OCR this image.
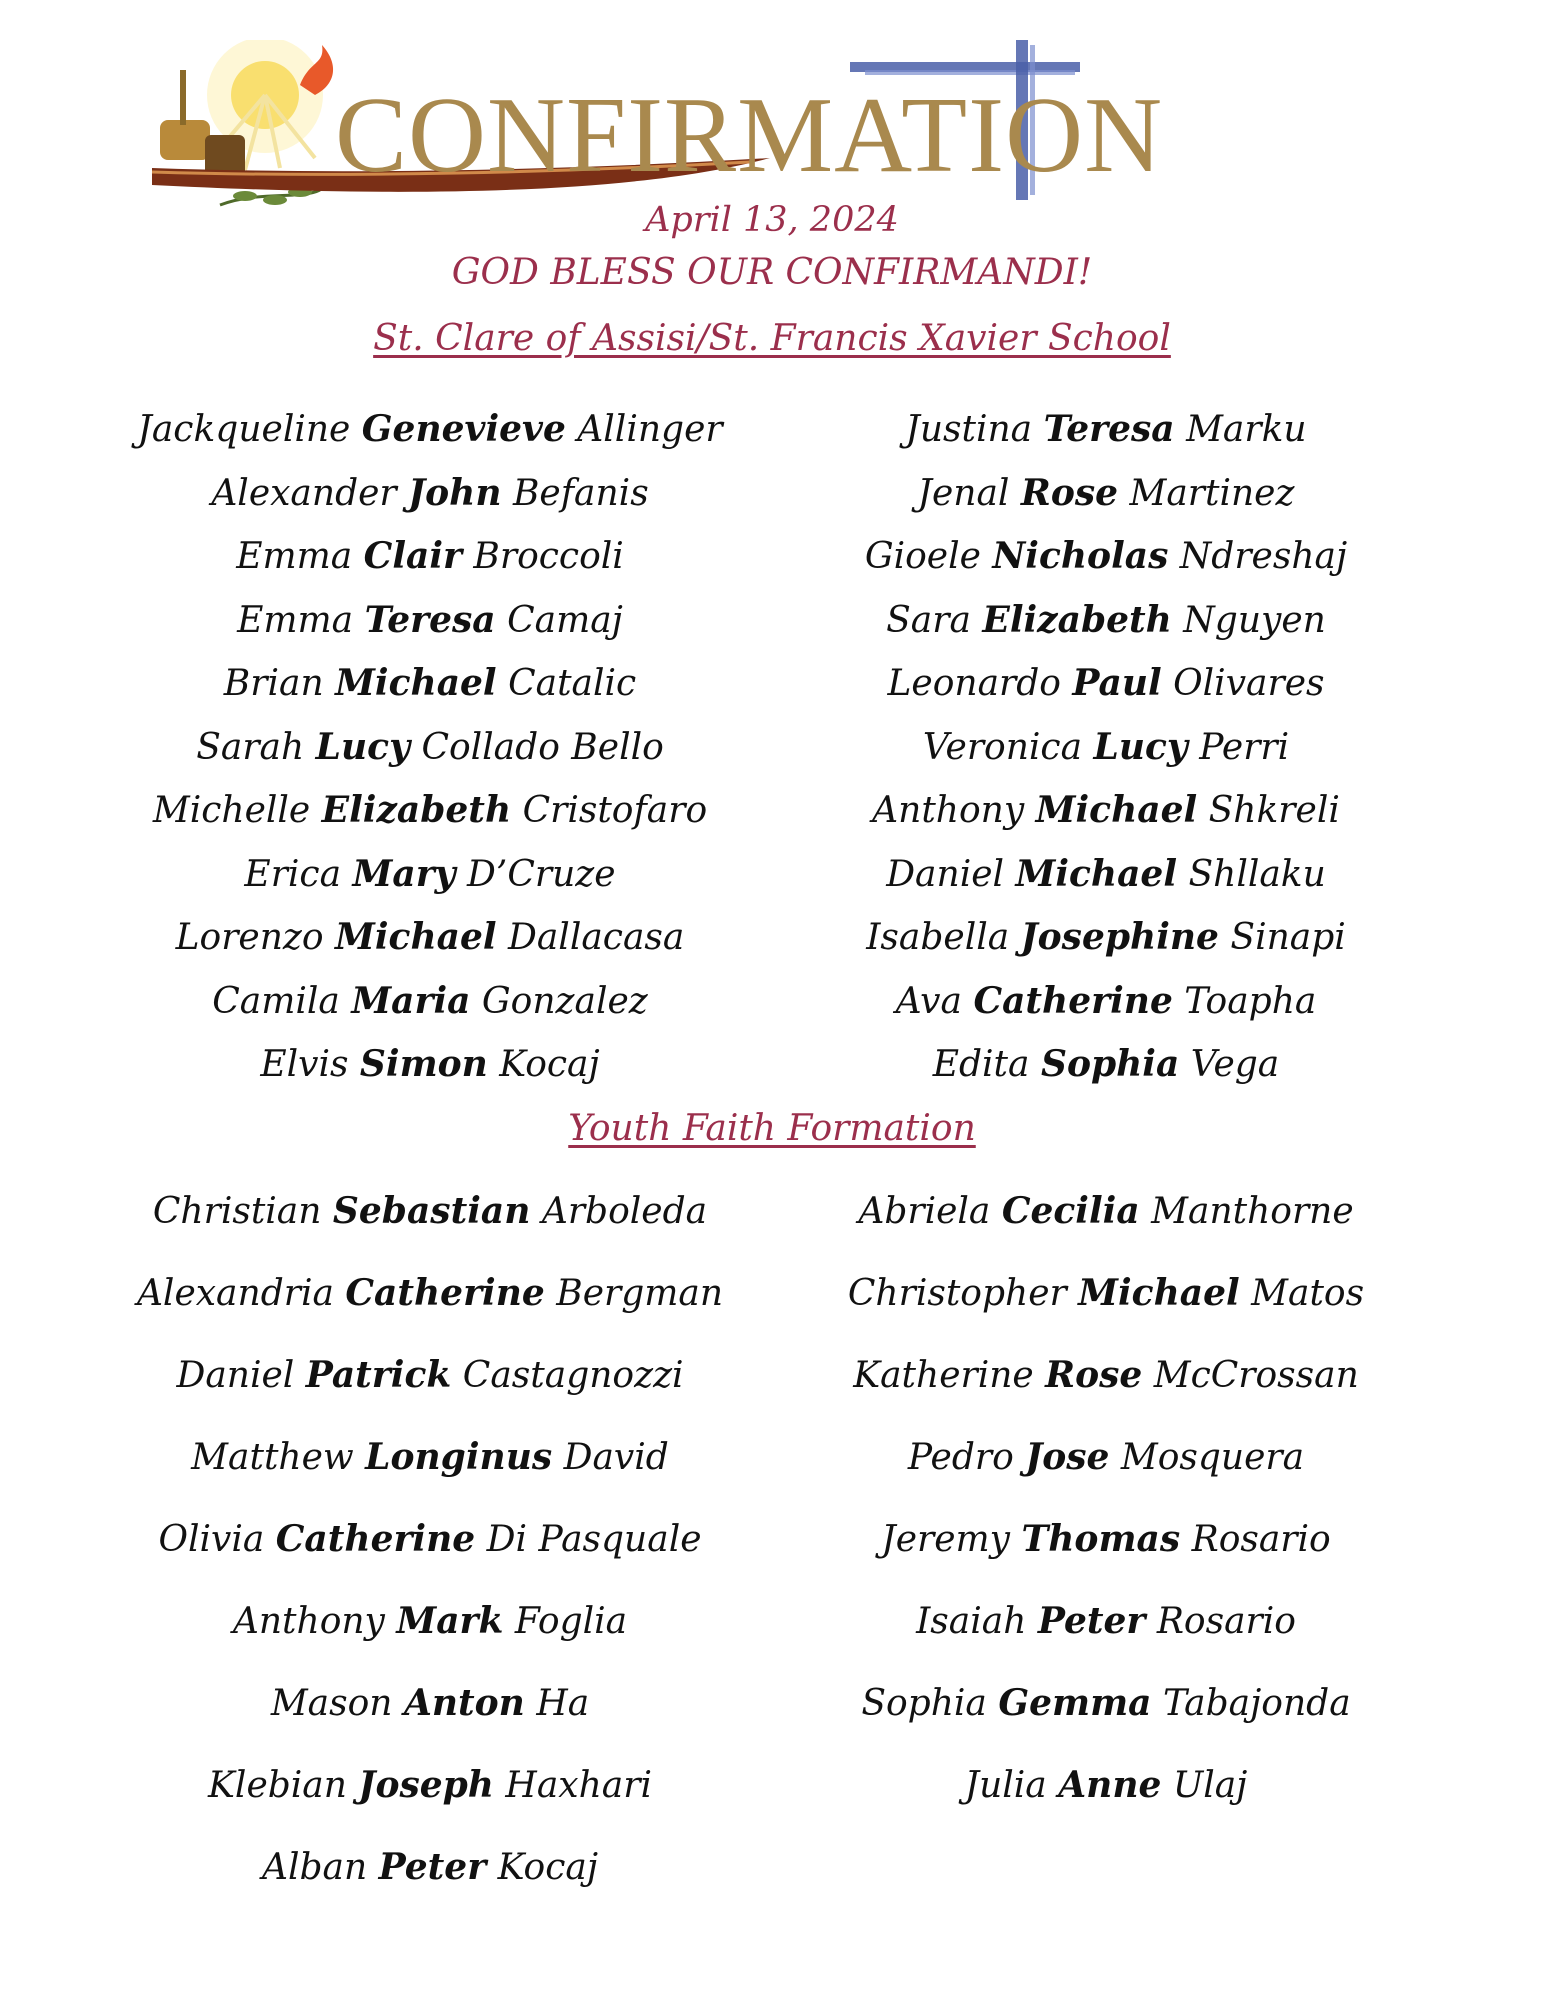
CONFIRMATION
April 13, 2024
GOD BLESS OUR CONFIRMANDI!
St. Clare of Assisi/St. Francis Xavier School
Jackqueline Genevieve Allinger	Justina Teresa Marku
Alexander John Befanis	Jenal Rose Martinez
Emma Clair Broccoli	Gioele Nicholas Ndreshaj
Emma Teresa Camaj	Sara Elizabeth Nguyen
Brian Michael Catalic	Leonardo Paul Olivares
Sarah Lucy Collado Bello	Veronica Lucy Perri
Michelle Elizabeth Cristofaro	Anthony Michael Shkreli
Erica Mary D’Cruze	Daniel Michael Shllaku
Lorenzo Michael Dallacasa	Isabella Josephine Sinapi
Camila Maria Gonzalez	Ava Catherine Toapha
Elvis Simon Kocaj	Edita Sophia Vega
Youth Faith Formation
Christian Sebastian Arboleda	Abriela Cecilia Manthorne
Alexandria Catherine Bergman	Christopher Michael Matos
Daniel Patrick Castagnozzi	Katherine Rose McCrossan
Matthew Longinus David	Pedro Jose Mosquera
Olivia Catherine Di Pasquale	Jeremy Thomas Rosario
Anthony Mark Foglia	Isaiah Peter Rosario
Mason Anton Ha	Sophia Gemma Tabajonda
Klebian Joseph Haxhari	Julia Anne Ulaj
Alban Peter Kocaj
